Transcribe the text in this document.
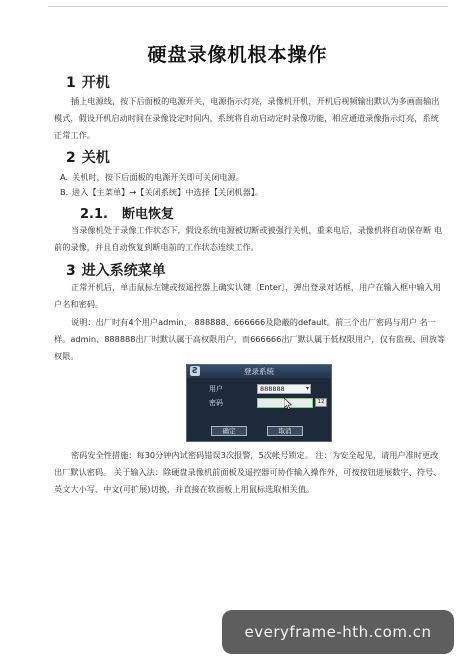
硬盘录像机根本操作
1 开机
插上电源线，按下后面板的电源开关，电源指示灯亮，录像机开机，开机后视频输出默认为多画面输出模式，假设开机启动时间在录像设定时间内，系统将自动启动定时录像功能，相应通道录像指示灯亮，系统正常工作。
2 关机
A. 关机时，按下后面板的电源开关即可关闭电源。
B. 进入【主菜单】→【关闭系统】中选择【关闭机器】。
2.1. 断电恢复
当录像机处于录像工作状态下，假设系统电源被切断或被强行关机，重来电后，录像机将自动保存断 电前的录像，并且自动恢复到断电前的工作状态连续工作。
3 进入系统菜单
正常开机后，单击鼠标左键或按遥控器上确实认键〔Enter〕，弹出登录对话框，用户在输入框中输入用户名和密码。
说明：出厂时有4个用户admin、 888888、666666及隐蔽的default。前三个出厂密码与用户 名一样。admin、888888出厂时默认属于高权限用户，而666666出厂默认属于低权限用户，仅有监视、回放等权限。
Ƨ	登录系统
用户	888888	▾
密码	12
确定	取消
密码安全性措施：每30分钟内试密码错误3次报警，5次帐号锁定。 注：为安全起见，请用户准时更改出厂默认密码。 关于输入法：除硬盘录像机前面板及遥控器可协作输入操作外，可按按钮进展数字、符号、英文大小写、中文(可扩展)切换，并直接在软面板上用鼠标选取相关值。
everyframe-hth.com.cn
